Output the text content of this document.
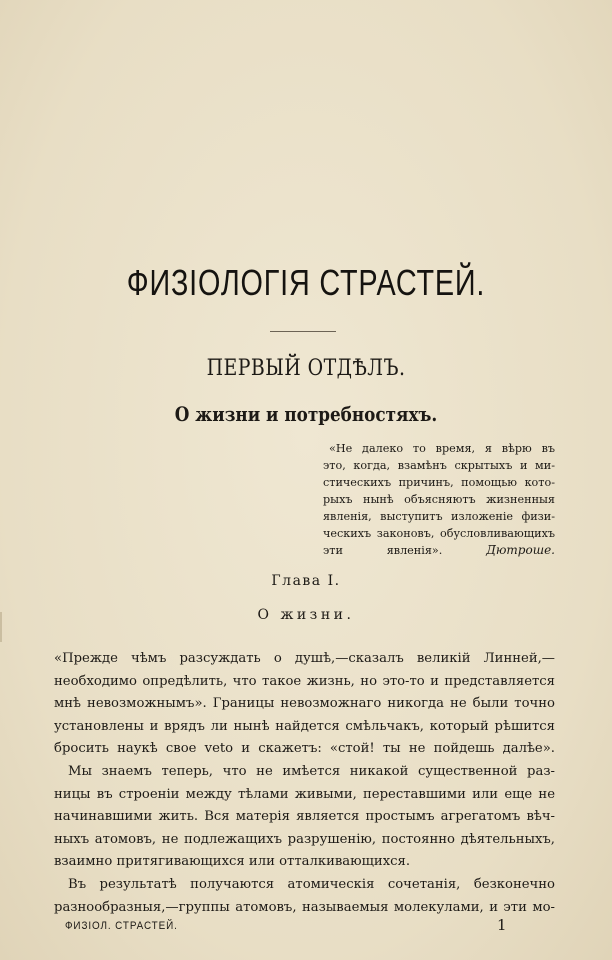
ФИЗІОЛОГІЯ СТРАСТЕЙ.
ПЕРВЫЙ ОТДѢЛЪ.
О жизни и потребностяхъ.
«Не далеко то время, я вѣрю въ
это, когда, взамѣнъ скрытыхъ и ми-
стическихъ причинъ, помощью кото-
рыхъ нынѣ объясняютъ жизненныя
явленія, выступитъ изложеніе физи-
ческихъ законовъ, обусловливающихъ
эти явленія».	Дютроше.
Глава I.
О жизни.
«Прежде чѣмъ разсуждать о душѣ,—сказалъ великій Линней,—
необходимо опредѣлить, что такое жизнь, но это-то и представляется
мнѣ невозможнымъ». Границы невозможнаго никогда не были точно
установлены и врядъ ли нынѣ найдется смѣльчакъ, который рѣшится
бросить наукѣ свое veto и скажетъ: «стой! ты не пойдешь далѣе».
Мы знаемъ теперь, что не имѣется никакой существенной раз-
ницы въ строеніи между тѣлами живыми, переставшими или еще не
начинавшими жить. Вся матерія является простымъ агрегатомъ вѣч-
ныхъ атомовъ, не подлежащихъ разрушенію, постоянно дѣятельныхъ,
взаимно притягивающихся или отталкивающихся.
Въ результатѣ получаются атомическія сочетанія, безконечно
разнообразныя,—группы атомовъ, называемыя молекулами, и эти мо-
ФИЗІОЛ. СТРАСТЕЙ.	1
